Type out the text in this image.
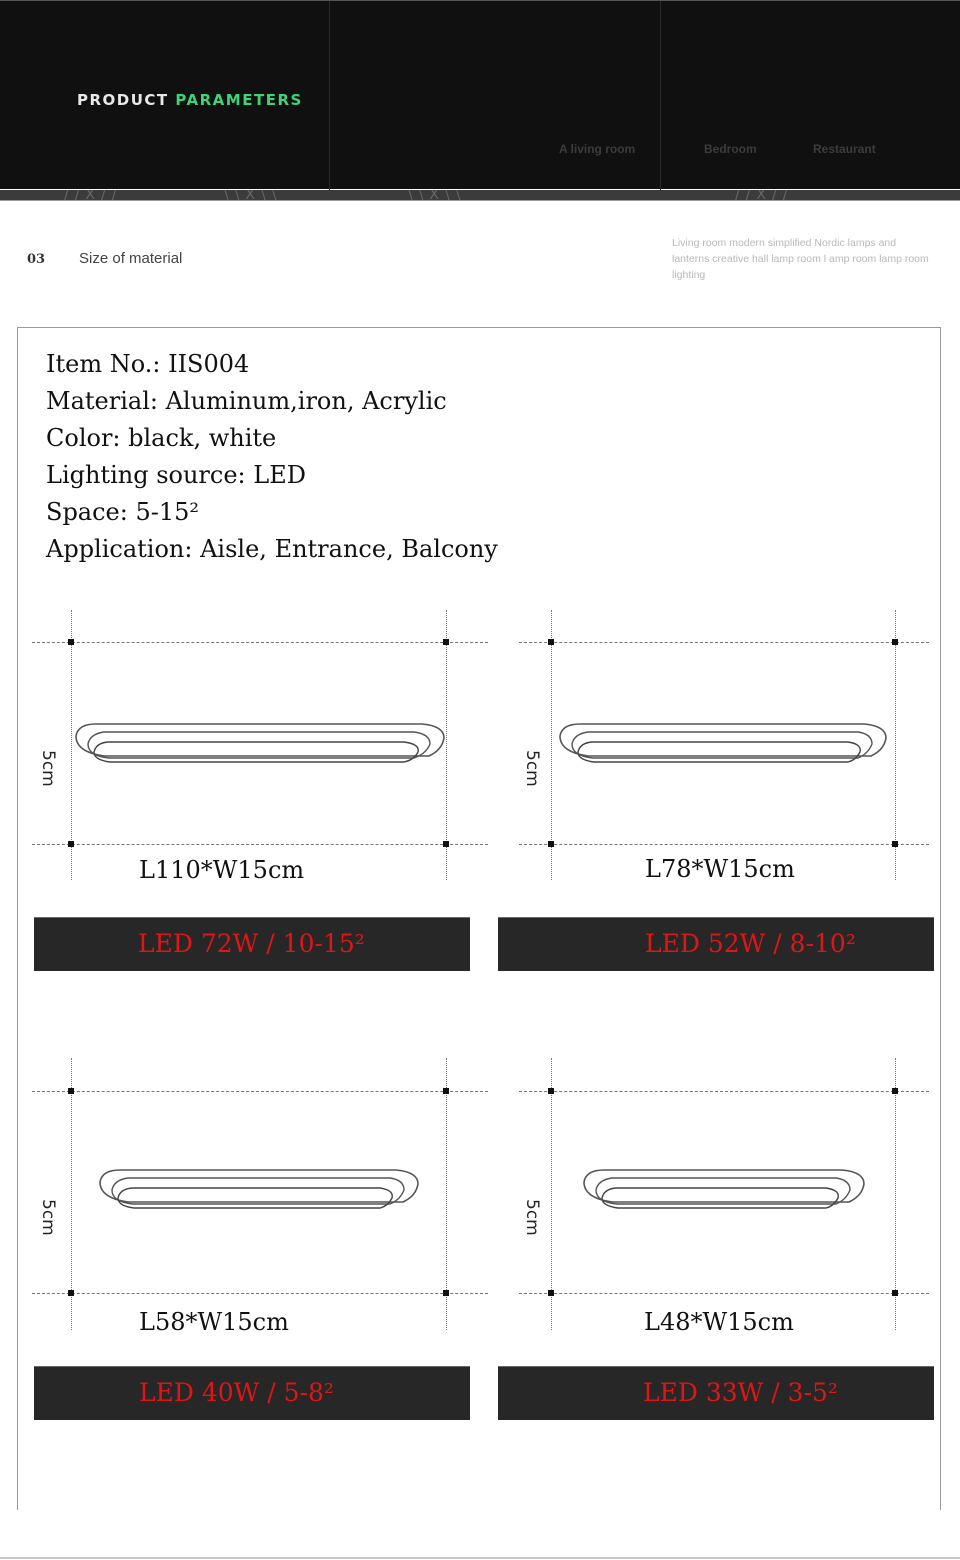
PRODUCT PARAMETERS
A living room	Bedroom	Restaurant
//X//	\\X\\	\\X\\	//X//
03 Size of material
Living room modern simplified Nordic lamps and lanterns creative hall lamp room l amp room lamp room lighting
Item No.: IIS004
Material: Aluminum,iron, Acrylic
Color: black, white
Lighting source: LED
Space: 5-15²
Application: Aisle, Entrance, Balcony
5cm
L110*W15cm
LED 72W / 10-15²
5cm
L78*W15cm
LED 52W / 8-10²
5cm
L58*W15cm
LED 40W / 5-8²
5cm
L48*W15cm
LED 33W / 3-5²
